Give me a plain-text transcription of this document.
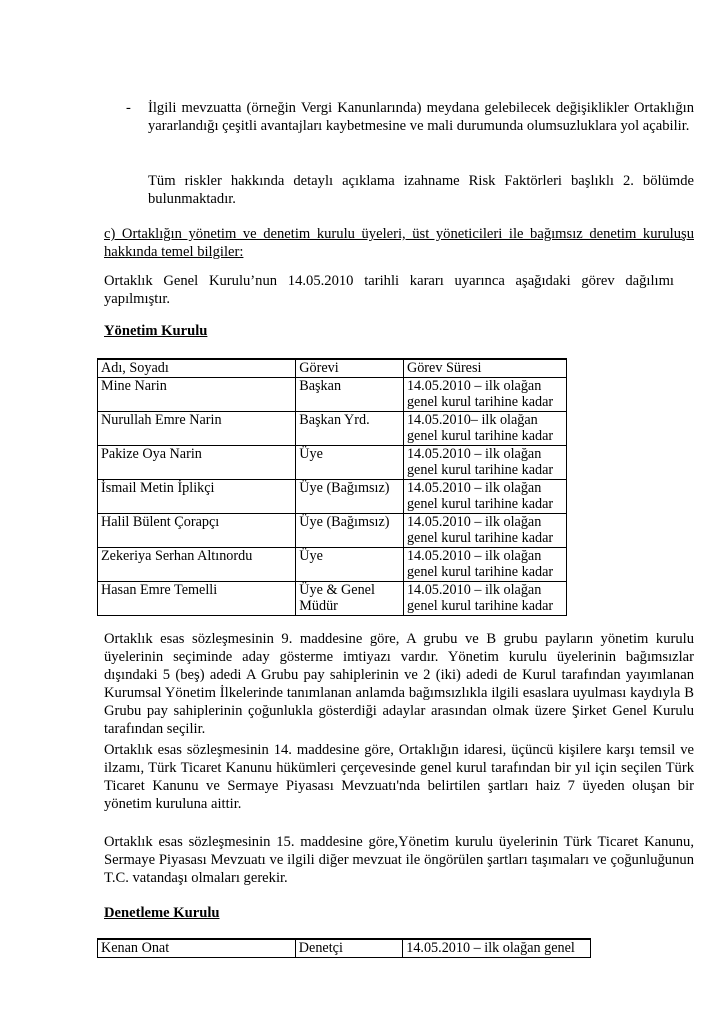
- İlgili mevzuatta (örneğin Vergi Kanunlarında) meydana gelebilecek değişiklikler Ortaklığın yararlandığı çeşitli avantajları kaybetmesine ve mali durumunda olumsuzluklara yol açabilir.

Tüm riskler hakkında detaylı açıklama izahname Risk Faktörleri başlıklı 2. bölümde bulunmaktadır.

c) Ortaklığın yönetim ve denetim kurulu üyeleri, üst yöneticileri ile bağımsız denetim kuruluşu hakkında temel bilgiler:

Ortaklık Genel Kurulu’nun 14.05.2010 tarihli kararı uyarınca aşağıdaki görev dağılımı yapılmıştır.

Yönetim Kurulu

Adı, Soyadı	Görevi	Görev Süresi
Mine Narin	Başkan	14.05.2010 – ilk olağan genel kurul tarihine kadar
Nurullah Emre Narin	Başkan Yrd.	14.05.2010– ilk olağan genel kurul tarihine kadar
Pakize Oya Narin	Üye	14.05.2010 – ilk olağan genel kurul tarihine kadar
İsmail Metin İplikçi	Üye (Bağımsız)	14.05.2010 – ilk olağan genel kurul tarihine kadar
Halil Bülent Çorapçı	Üye (Bağımsız)	14.05.2010 – ilk olağan genel kurul tarihine kadar
Zekeriya Serhan Altınordu	Üye	14.05.2010 – ilk olağan genel kurul tarihine kadar
Hasan Emre Temelli	Üye & Genel Müdür	14.05.2010 – ilk olağan genel kurul tarihine kadar

Ortaklık esas sözleşmesinin 9. maddesine göre, A grubu ve B grubu payların yönetim kurulu üyelerinin seçiminde aday gösterme imtiyazı vardır. Yönetim kurulu üyelerinin bağımsızlar dışındaki 5 (beş) adedi A Grubu pay sahiplerinin ve 2 (iki) adedi de Kurul tarafından yayımlanan Kurumsal Yönetim İlkelerinde tanımlanan anlamda bağımsızlıkla ilgili esaslara uyulması kaydıyla B Grubu pay sahiplerinin çoğunlukla gösterdiği adaylar arasından olmak üzere Şirket Genel Kurulu tarafından seçilir.

Ortaklık esas sözleşmesinin 14. maddesine göre, Ortaklığın idaresi, üçüncü kişilere karşı temsil ve ilzamı, Türk Ticaret Kanunu hükümleri çerçevesinde genel kurul tarafından bir yıl için seçilen Türk Ticaret Kanunu ve Sermaye Piyasası Mevzuatı'nda belirtilen şartları haiz 7 üyeden oluşan bir yönetim kuruluna aittir.

Ortaklık esas sözleşmesinin 15. maddesine göre,Yönetim kurulu üyelerinin Türk Ticaret Kanunu, Sermaye Piyasası Mevzuatı ve ilgili diğer mevzuat ile öngörülen şartları taşımaları ve çoğunluğunun T.C. vatandaşı olmaları gerekir.

Denetleme Kurulu

Kenan Onat	Denetçi	14.05.2010 – ilk olağan genel
